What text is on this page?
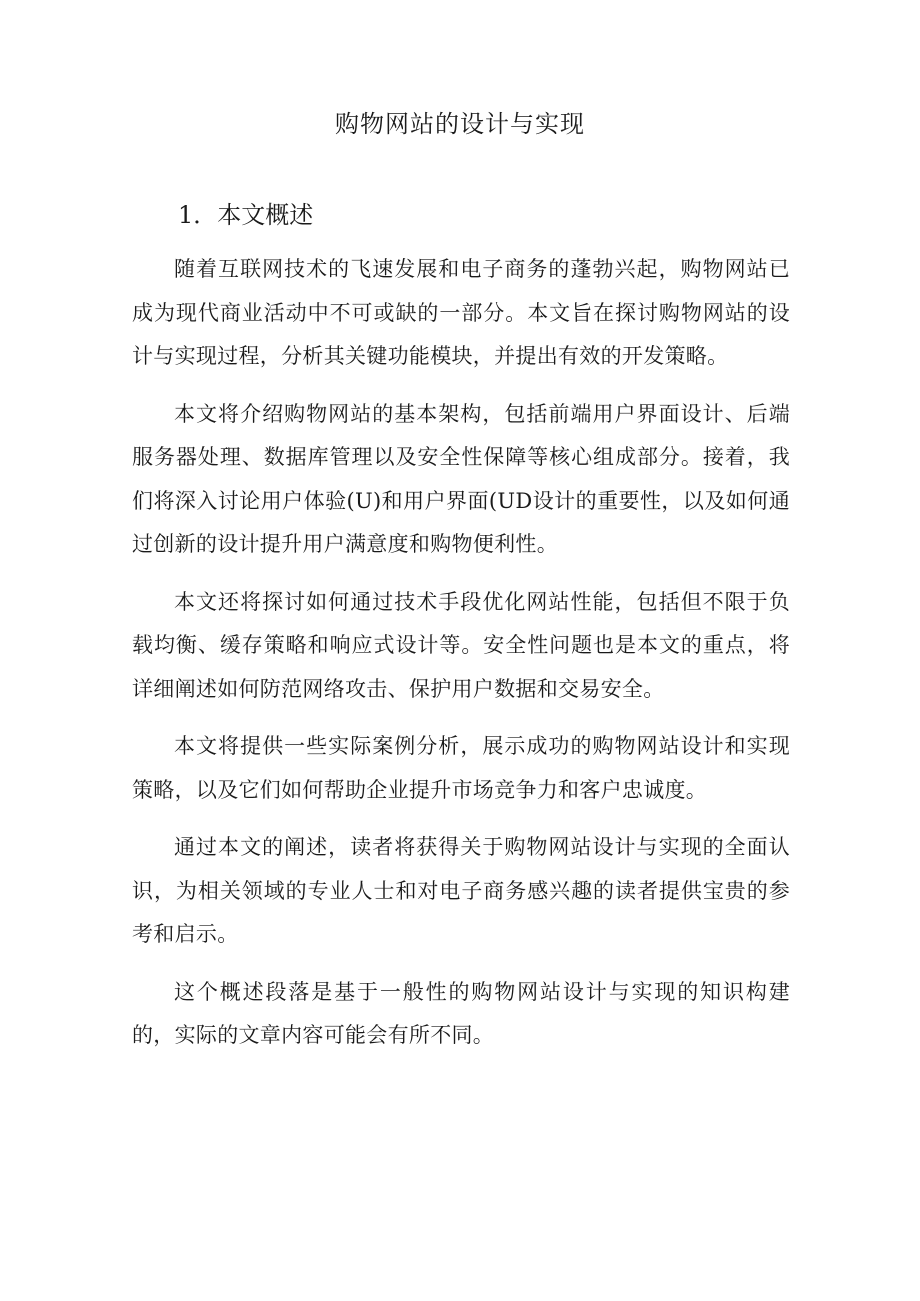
购物网站的设计与实现
1．本文概述

随着互联网技术的飞速发展和电子商务的蓬勃兴起，购物网站已成为现代商业活动中不可或缺的一部分。本文旨在探讨购物网站的设计与实现过程，分析其关键功能模块，并提出有效的开发策略。

本文将介绍购物网站的基本架构，包括前端用户界面设计、后端服务器处理、数据库管理以及安全性保障等核心组成部分。接着，我们将深入讨论用户体验(U)和用户界面(UD设计的重要性，以及如何通过创新的设计提升用户满意度和购物便利性。

本文还将探讨如何通过技术手段优化网站性能，包括但不限于负载均衡、缓存策略和响应式设计等。安全性问题也是本文的重点，将详细阐述如何防范网络攻击、保护用户数据和交易安全。

本文将提供一些实际案例分析，展示成功的购物网站设计和实现策略，以及它们如何帮助企业提升市场竞争力和客户忠诚度。

通过本文的阐述，读者将获得关于购物网站设计与实现的全面认识，为相关领域的专业人士和对电子商务感兴趣的读者提供宝贵的参考和启示。

这个概述段落是基于一般性的购物网站设计与实现的知识构建的，实际的文章内容可能会有所不同。
